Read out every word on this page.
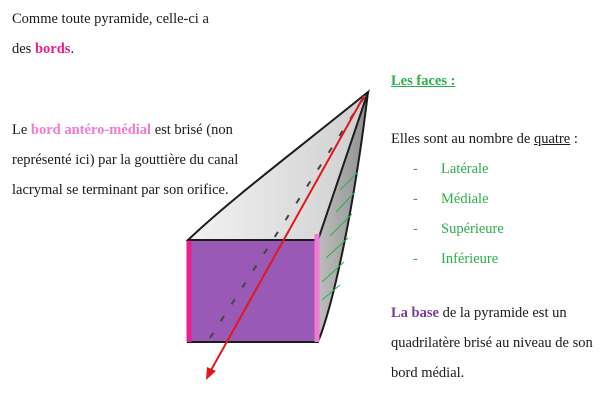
Comme toute pyramide, celle-ci a des bords.
Le bord antéro-médial est brisé (non représenté ici) par la gouttière du canal lacrymal se terminant par son orifice.
Les faces :
Elles sont au nombre de quatre :
- Latérale
- Médiale
- Supérieure
- Inférieure
La base de la pyramide est un quadrilatère brisé au niveau de son bord médial.
